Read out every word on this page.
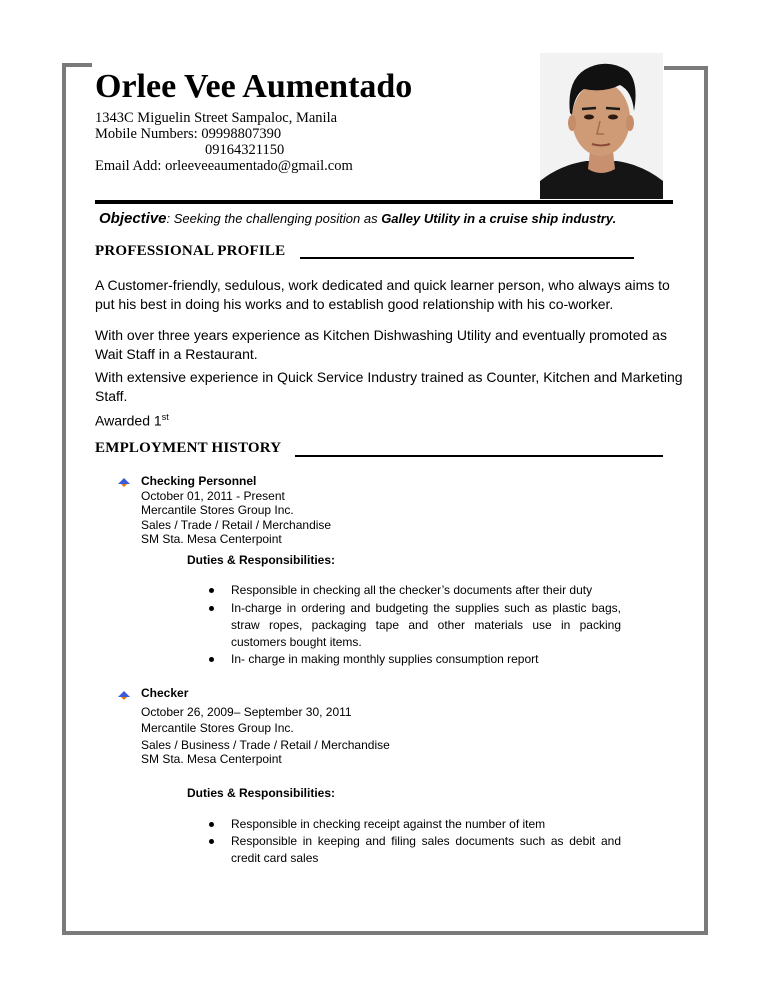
Orlee Vee Aumentado
1343C Miguelin Street Sampaloc, Manila
Mobile Numbers: 09998807390
09164321150
Email Add: orleeveeaumentado@gmail.com
Objective: Seeking the challenging position as Galley Utility in a cruise ship industry.
PROFESSIONAL PROFILE
A Customer-friendly, sedulous, work dedicated and quick learner person, who always aims to put his best in doing his works and to establish good relationship with his co-worker.
With over three years experience as Kitchen Dishwashing Utility and eventually promoted as Wait Staff in a Restaurant.
With extensive experience in Quick Service Industry trained as Counter, Kitchen and Marketing Staff.
Awarded 1st
EMPLOYMENT HISTORY
Checking Personnel
October 01, 2011 - Present
Mercantile Stores Group Inc.
Sales / Trade / Retail / Merchandise
SM Sta. Mesa Centerpoint
Duties & Responsibilities:
Responsible in checking all the checker’s documents after their duty
In-charge in ordering and budgeting the supplies such as plastic bags, straw ropes, packaging tape and other materials use in packing customers bought items.
In- charge in making monthly supplies consumption report
Checker
October 26, 2009– September 30, 2011
Mercantile Stores Group Inc.
Sales / Business / Trade / Retail / Merchandise
SM Sta. Mesa Centerpoint
Duties & Responsibilities:
Responsible in checking receipt against the number of item
Responsible in keeping and filing sales documents such as debit and credit card sales
